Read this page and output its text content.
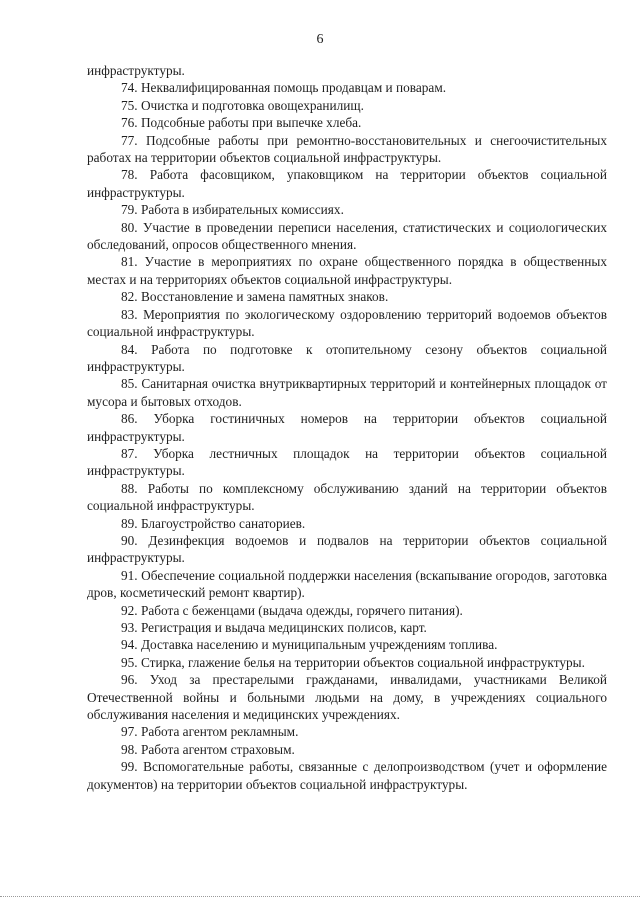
6

инфраструктуры.

74. Неквалифицированная помощь продавцам и поварам.

75. Очистка и подготовка овощехранилищ.

76. Подсобные работы при выпечке хлеба.

77. Подсобные работы при ремонтно-восстановительных и снегоочистительных работах на территории объектов социальной инфраструктуры.

78. Работа фасовщиком, упаковщиком на территории объектов социальной инфраструктуры.

79. Работа в избирательных комиссиях.

80. Участие в проведении переписи населения, статистических и социологических обследований, опросов общественного мнения.

81. Участие в мероприятиях по охране общественного порядка в общественных местах и на территориях объектов социальной инфраструктуры.

82. Восстановление и замена памятных знаков.

83. Мероприятия по экологическому оздоровлению территорий водоемов объектов социальной инфраструктуры.

84. Работа по подготовке к отопительному сезону объектов социальной инфраструктуры.

85. Санитарная очистка внутриквартирных территорий и контейнерных площадок от мусора и бытовых отходов.

86. Уборка гостиничных номеров на территории объектов социальной инфраструктуры.

87. Уборка лестничных площадок на территории объектов социальной инфраструктуры.

88. Работы по комплексному обслуживанию зданий на территории объектов социальной инфраструктуры.

89. Благоустройство санаториев.

90. Дезинфекция водоемов и подвалов на территории объектов социальной инфраструктуры.

91. Обеспечение социальной поддержки населения (вскапывание огородов, заготовка дров, косметический ремонт квартир).

92. Работа с беженцами (выдача одежды, горячего питания).

93. Регистрация и выдача медицинских полисов, карт.

94. Доставка населению и муниципальным учреждениям топлива.

95. Стирка, глажение белья на территории объектов социальной инфраструктуры.

96. Уход за престарелыми гражданами, инвалидами, участниками Великой Отечественной войны и больными людьми на дому, в учреждениях социального обслуживания населения и медицинских учреждениях.

97. Работа агентом рекламным.

98. Работа агентом страховым.

99. Вспомогательные работы, связанные с делопроизводством (учет и оформление документов) на территории объектов социальной инфраструктуры.
